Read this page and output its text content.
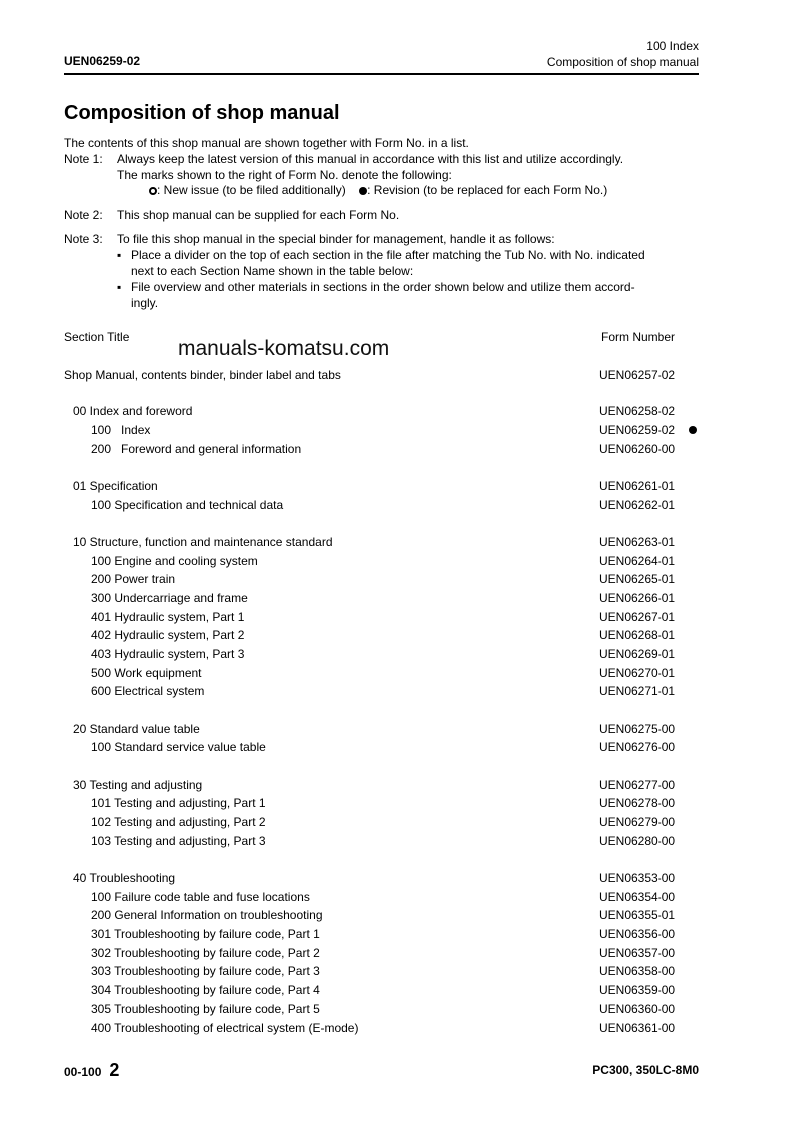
UEN06259-02
100 Index
Composition of shop manual
Composition of shop manual
The contents of this shop manual are shown together with Form No. in a list.
Note 1: Always keep the latest version of this manual in accordance with this list and utilize accordingly.
The marks shown to the right of Form No. denote the following:
: New issue (to be filed additionally) : Revision (to be replaced for each Form No.)
Note 2: This shop manual can be supplied for each Form No.
Note 3: To file this shop manual in the special binder for management, handle it as follows:
▪ Place a divider on the top of each section in the file after matching the Tub No. with No. indicated
next to each Section Name shown in the table below:
▪ File overview and other materials in sections in the order shown below and utilize them accord-
ingly.
Section Title	Form Number
manuals-komatsu.com
Shop Manual, contents binder, binder label and tabs	UEN06257-02
00 Index and foreword	UEN06258-02
100   Index	UEN06259-02
200   Foreword and general information	UEN06260-00
01 Specification	UEN06261-01
100 Specification and technical data	UEN06262-01
10 Structure, function and maintenance standard	UEN06263-01
100 Engine and cooling system	UEN06264-01
200 Power train	UEN06265-01
300 Undercarriage and frame	UEN06266-01
401 Hydraulic system, Part 1	UEN06267-01
402 Hydraulic system, Part 2	UEN06268-01
403 Hydraulic system, Part 3	UEN06269-01
500 Work equipment	UEN06270-01
600 Electrical system	UEN06271-01
20 Standard value table	UEN06275-00
100 Standard service value table	UEN06276-00
30 Testing and adjusting	UEN06277-00
101 Testing and adjusting, Part 1	UEN06278-00
102 Testing and adjusting, Part 2	UEN06279-00
103 Testing and adjusting, Part 3	UEN06280-00
40 Troubleshooting	UEN06353-00
100 Failure code table and fuse locations	UEN06354-00
200 General Information on troubleshooting	UEN06355-01
301 Troubleshooting by failure code, Part 1	UEN06356-00
302 Troubleshooting by failure code, Part 2	UEN06357-00
303 Troubleshooting by failure code, Part 3	UEN06358-00
304 Troubleshooting by failure code, Part 4	UEN06359-00
305 Troubleshooting by failure code, Part 5	UEN06360-00
400 Troubleshooting of electrical system (E-mode)	UEN06361-00
00-100 2	PC300, 350LC-8M0
